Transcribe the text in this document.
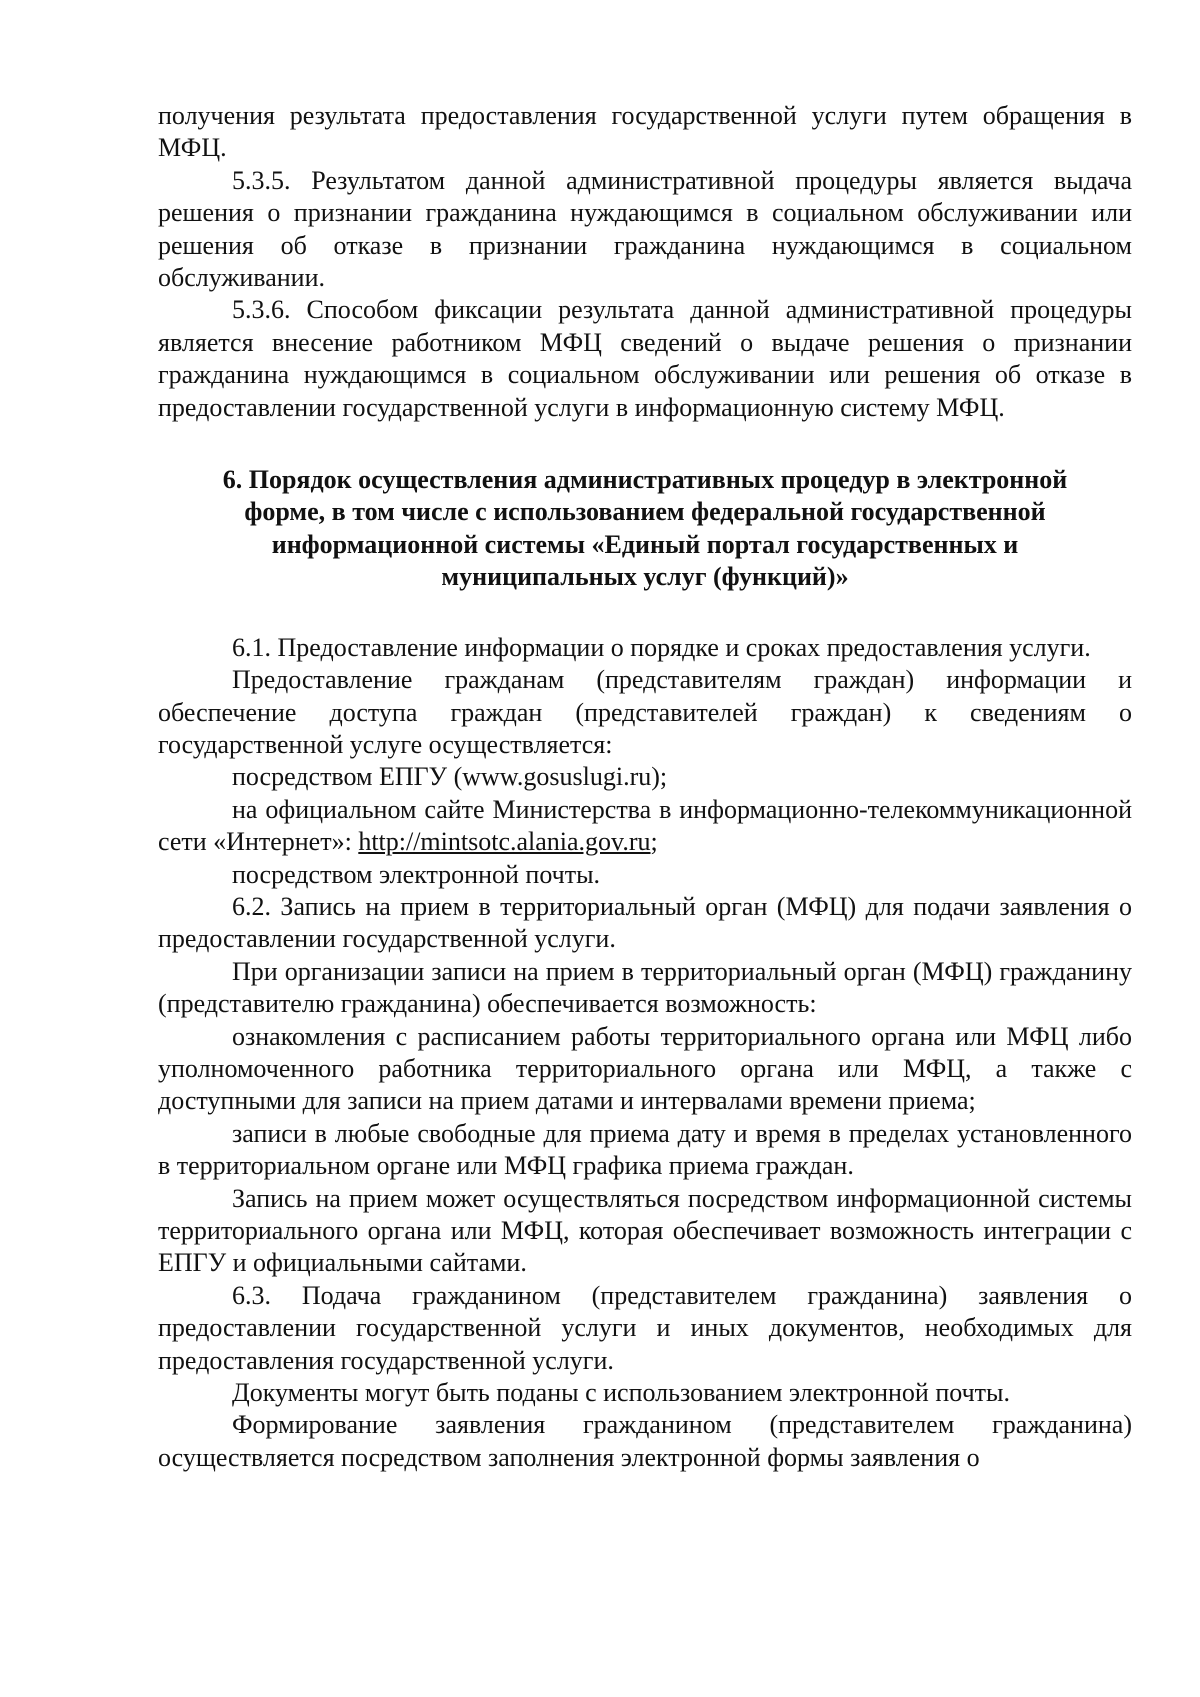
получения результата предоставления государственной услуги путем обращения в МФЦ.

5.3.5. Результатом данной административной процедуры является выдача решения о признании гражданина нуждающимся в социальном обслуживании или решения об отказе в признании гражданина нуждающимся в социальном обслуживании.

5.3.6. Способом фиксации результата данной административной процедуры является внесение работником МФЦ сведений о выдаче решения о признании гражданина нуждающимся в социальном обслуживании или решения об отказе в предоставлении государственной услуги в информационную систему МФЦ.

6. Порядок осуществления административных процедур в электронной
форме, в том числе с использованием федеральной государственной
информационной системы «Единый портал государственных и
муниципальных услуг (функций)»

6.1. Предоставление информации о порядке и сроках предоставления услуги.

Предоставление гражданам (представителям граждан) информации и обеспечение доступа граждан (представителей граждан) к сведениям о государственной услуге осуществляется:

посредством ЕПГУ (www.gosuslugi.ru);

на официальном сайте Министерства в информационно-телекоммуникационной сети «Интернет»: http://mintsotc.alania.gov.ru;

посредством электронной почты.

6.2. Запись на прием в территориальный орган (МФЦ) для подачи заявления о предоставлении государственной услуги.

При организации записи на прием в территориальный орган (МФЦ) гражданину (представителю гражданина) обеспечивается возможность:

ознакомления с расписанием работы территориального органа или МФЦ либо уполномоченного работника территориального органа или МФЦ, а также с доступными для записи на прием датами и интервалами времени приема;

записи в любые свободные для приема дату и время в пределах установленного в территориальном органе или МФЦ графика приема граждан.

Запись на прием может осуществляться посредством информационной системы территориального органа или МФЦ, которая обеспечивает возможность интеграции с ЕПГУ и официальными сайтами.

6.3. Подача гражданином (представителем гражданина) заявления о предоставлении государственной услуги и иных документов, необходимых для предоставления государственной услуги.

Документы могут быть поданы с использованием электронной почты.

Формирование заявления гражданином (представителем гражданина) осуществляется посредством заполнения электронной формы заявления о
